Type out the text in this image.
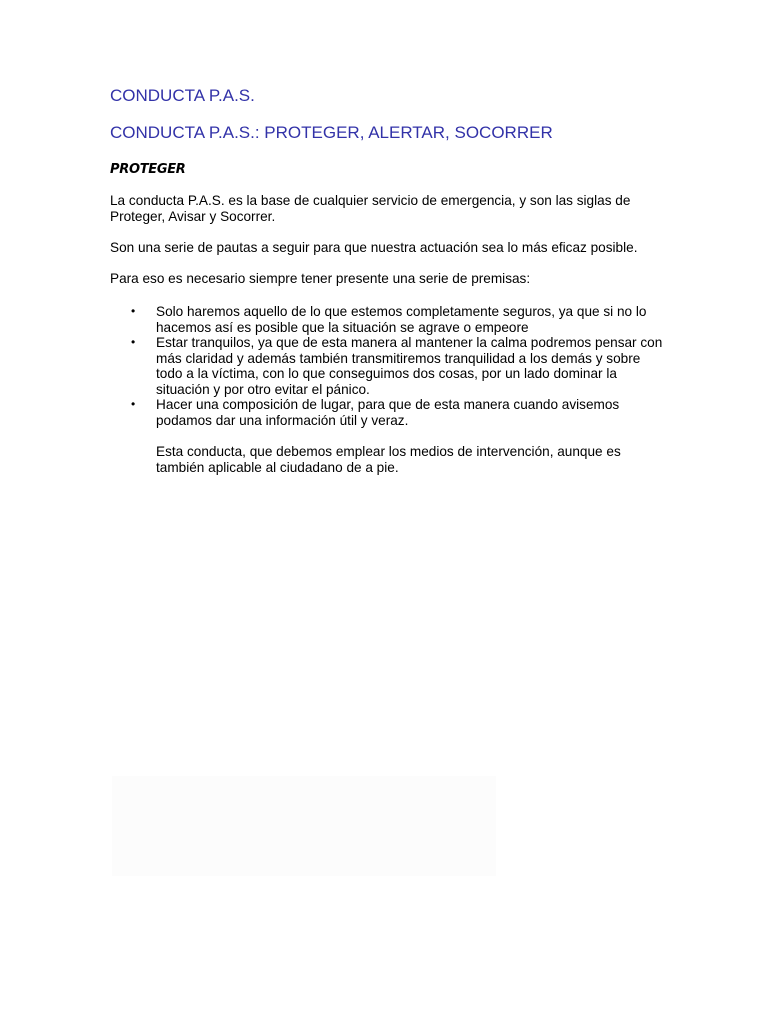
CONDUCTA P.A.S.
CONDUCTA P.A.S.: PROTEGER, ALERTAR, SOCORRER
PROTEGER

La conducta P.A.S. es la base de cualquier servicio de emergencia, y son las siglas de Proteger, Avisar y Socorrer.

Son una serie de pautas a seguir para que nuestra actuación sea lo más eficaz posible.

Para eso es necesario siempre tener presente una serie de premisas:

• Solo haremos aquello de lo que estemos completamente seguros, ya que si no lo hacemos así es posible que la situación se agrave o empeore
• Estar tranquilos, ya que de esta manera al mantener la calma podremos pensar con más claridad y además también transmitiremos tranquilidad a los demás y sobre todo a la víctima, con lo que conseguimos dos cosas, por un lado dominar la situación y por otro evitar el pánico.
• Hacer una composición de lugar, para que de esta manera cuando avisemos podamos dar una información útil y veraz.

Esta conducta, que debemos emplear los medios de intervención, aunque es también aplicable al ciudadano de a pie.
